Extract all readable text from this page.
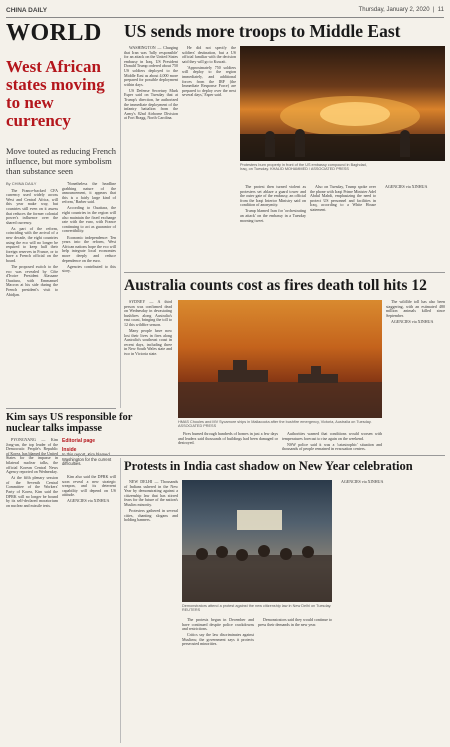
CHINA DAILY	Thursday, January 2, 2020  |  11
WORLD
West African states moving to new currency
Move touted as reducing French influence, but more symbolism than substance seen
By CHINA DAILY

The France-backed CFA currency used widely across West and Central Africa, will this year make way, but countries still even on it assess that reduces the former colonial power's influence over the shared currency.

As part of the reform, coinciding with the arrival of a new decade, the eight countries using the eco will no longer be required to keep half their foreign reserves in France, or to have a French official on the board.

The proposed switch to the eco was revealed by Côte d'Ivoire President Alassane Ouattara, with Emmanuel Macron at his side during the French president's visit to Abidjan.

'Nonetheless the headline grabbing nature of the announcement, it appears that this is a fairly large kind of reform,' Barber said.

According to Ouattara, the eight countries in the region will also maintain the fixed exchange rate with the euro, with France continuing to act as guarantor of convertibility.

Economic independence: Ten years into the reform, West African nations hope the eco will help integrate local economies more deeply and reduce dependence on the euro.

Agencies contributed to this story.

Kim says US responsible for nuclear talks impasse

PYONGYANG — Kim Jong-un, the top leader of the Democratic People's Republic of Korea, has blamed the United States for the impasse in bilateral nuclear talks, the official Korean Central News Agency reported on Wednesday.

At the fifth plenary session of the Seventh Central Committee of the Workers' Party of Korea, Kim said the DPRK will no longer be bound by its self-declared moratorium on nuclear and missile tests.

Editorial page
Inside
In this report, Kim blamed Washington for the current difficulties.

Kim also said the DPRK will soon reveal a new strategic weapon, and its deterrent capability will depend on US attitude.

AGENCIES via XINHUA

US sends more troops to Middle East

WASHINGTON — Charging that Iran was 'fully responsible' for an attack on the United States embassy in Iraq, US President Donald Trump ordered about 750 US soldiers deployed to the Middle East as about 4,000 more prepared for possible deployment within days.

US Defense Secretary Mark Esper said on Tuesday that at Trump's direction, he authorized the immediate deployment of the infantry battalion from the Army's 82nd Airborne Division at Fort Bragg, North Carolina.

He did not specify the soldiers' destination, but a US official familiar with the decision said they will go to Kuwait.

'Approximately 750 soldiers will deploy to the region immediately, and additional forces from the IRF (the Immediate Response Force) are prepared to deploy over the next several days,' Esper said.

Protesters burn property in front of the US embassy compound in Baghdad, Iraq, on Tuesday. KHALID MOHAMMED / ASSOCIATED PRESS

The protest then turned violent as protesters set ablaze a guard tower and the outer gate of the embassy, an official from the Iraqi Interior Ministry said on condition of anonymity.

Trump blamed Iran for 'orchestrating an attack' on the embassy in a Tuesday morning tweet.

Also on Tuesday, Trump spoke over the phone with Iraqi Prime Minister Adel Abdul Mahdi, emphasizing the need to protect US personnel and facilities in Iraq, according to a White House statement.

AGENCIES via XINHUA

Australia counts cost as fires death toll hits 12

SYDNEY — A third person was confirmed dead on Wednesday in devastating bushfires along Australia's east coast, bringing the toll to 12 this wildfire season.

Many people have now lost their lives in fires along Australia's southeast coast in recent days, including three in New South Wales state and two in Victoria state.

HMAS Choules and MV Sycamore ships in Mallacoota after the bushfire emergency, Victoria, Australia on Tuesday. ASSOCIATED PRESS

The wildlife toll has also been staggering, with an estimated 480 million animals killed since September.

AGENCIES via XINHUA

Fires burned through hundreds of homes in just a few days and leaders said thousands of buildings had been damaged or destroyed.

Authorities warned that conditions would worsen with temperatures forecast to rise again on the weekend.

NSW police said it was a 'catastrophic' situation and thousands of people remained in evacuation centers.

Protests in India cast shadow on New Year celebration

NEW DELHI — Thousands of Indians ushered in the New Year by demonstrating against a citizenship law that has stirred fears for the future of the nation's Muslim minority.

Protesters gathered in several cities, chanting slogans and holding banners.

Demonstrators attend a protest against the new citizenship law in New Delhi on Tuesday. REUTERS

The protests began in December and have continued despite police crackdowns and restrictions.

Critics say the law discriminates against Muslims; the government says it protects persecuted minorities.

Demonstrators said they would continue to press their demands in the new year.

AGENCIES via XINHUA
